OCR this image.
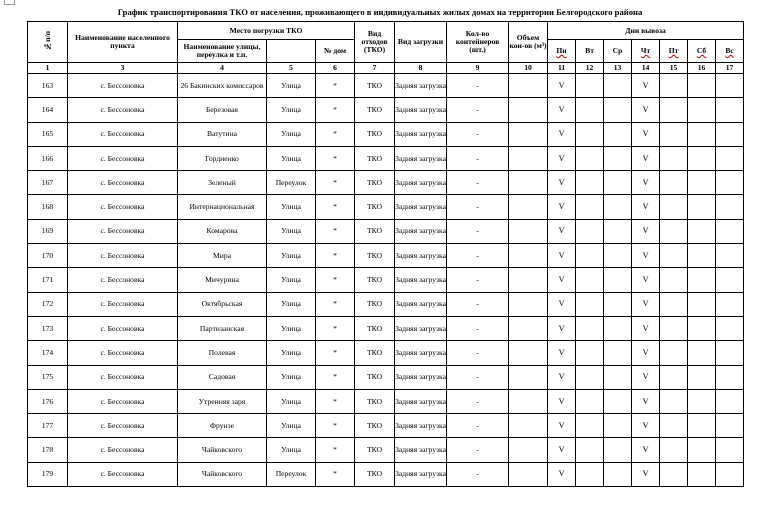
График транспортирования ТКО от населения, проживающего в индивидуальных жилых домах на территории Белгородского района
№п/п	Наименование населенного пункта	Место погрузки ТКО			Вид отходов (ТКО)	Вид загрузки	Кол-во контейнеров (шт.)	Объем кон-ов (м³)	Дни вывоза						
		Наименование улицы, переулка и т.п.		№ дом					Пн	Вт	Ср	Чт	Пт	Сб	Вс
1	3	4	5	6	7	8	9	10	11	12	13	14	15	16	17
163	с. Бессоновка	26 Бакинских комиссаров	Улица	*	ТКО	Задняя загрузка	-		V			V			
164	с. Бессоновка	Березовая	Улица	*	ТКО	Задняя загрузка	-		V			V			
165	с. Бессоновка	Ватутина	Улица	*	ТКО	Задняя загрузка	-		V			V			
166	с. Бессоновка	Гордиенко	Улица	*	ТКО	Задняя загрузка	-		V			V			
167	с. Бессоновка	Зеленый	Переулок	*	ТКО	Задняя загрузка	-		V			V			
168	с. Бессоновка	Интернациональная	Улица	*	ТКО	Задняя загрузка	-		V			V			
169	с. Бессоновка	Комарова	Улица	*	ТКО	Задняя загрузка	-		V			V			
170	с. Бессоновка	Мира	Улица	*	ТКО	Задняя загрузка	-		V			V			
171	с. Бессоновка	Мичурина	Улица	*	ТКО	Задняя загрузка	-		V			V			
172	с. Бессоновка	Октябрьская	Улица	*	ТКО	Задняя загрузка	-		V			V			
173	с. Бессоновка	Партизанская	Улица	*	ТКО	Задняя загрузка	-		V			V			
174	с. Бессоновка	Полевая	Улица	*	ТКО	Задняя загрузка	-		V			V			
175	с. Бессоновка	Садовая	Улица	*	ТКО	Задняя загрузка	-		V			V			
176	с. Бессоновка	Утренняя заря	Улица	*	ТКО	Задняя загрузка	-		V			V			
177	с. Бессоновка	Фрунзе	Улица	*	ТКО	Задняя загрузка	-		V			V			
178	с. Бессоновка	Чайковского	Улица	*	ТКО	Задняя загрузка	-		V			V			
179	с. Бессоновка	Чайковского	Переулок	*	ТКО	Задняя загрузка	-		V			V			
